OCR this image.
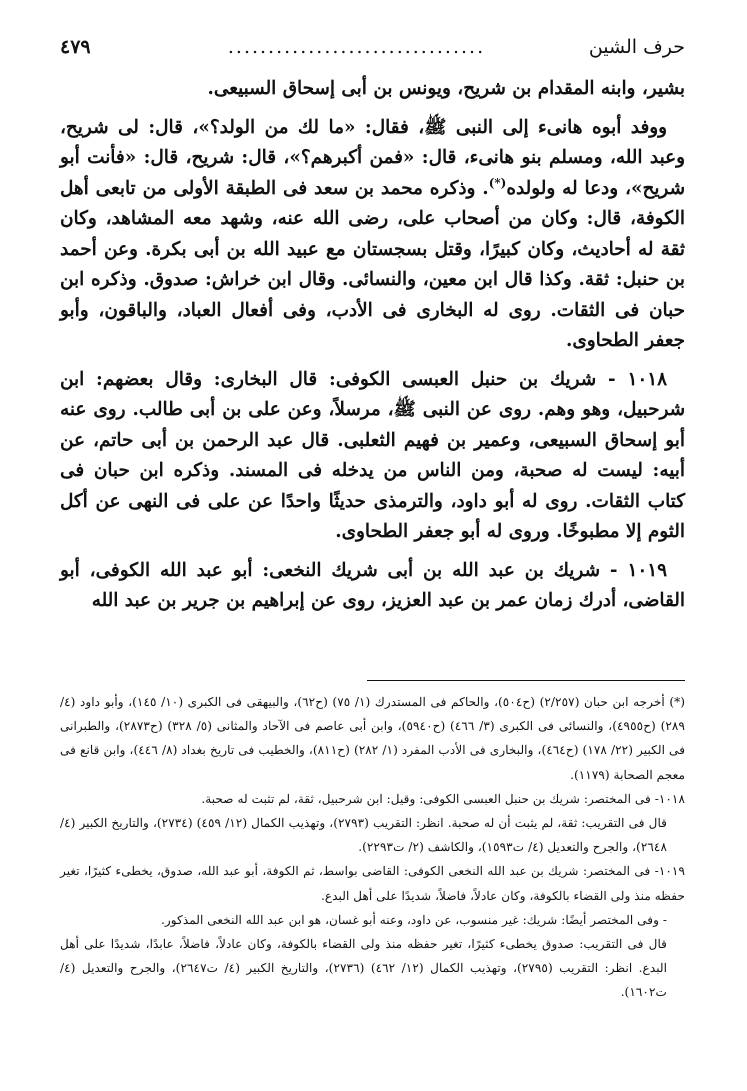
حرف الشين
................................
٤٧٩

بشير، وابنه المقدام بن شريح، ويونس بن أبى إسحاق السبيعى.

ووفد أبوه هانىء إلى النبى ﷺ، فقال: «ما لك من الولد؟»، قال: لى شريح، وعبد الله، ومسلم بنو هانىء، قال: «فمن أكبرهم؟»، قال: شريح، قال: «فأنت أبو شريح»، ودعا له ولولده(*). وذكره محمد بن سعد فى الطبقة الأولى من تابعى أهل الكوفة، قال: وكان من أصحاب على، رضى الله عنه، وشهد معه المشاهد، وكان ثقة له أحاديث، وكان كبيرًا، وقتل بسجستان مع عبيد الله بن أبى بكرة. وعن أحمد بن حنبل: ثقة. وكذا قال ابن معين، والنسائى. وقال ابن خراش: صدوق. وذكره ابن حبان فى الثقات. روى له البخارى فى الأدب، وفى أفعال العباد، والباقون، وأبو جعفر الطحاوى.

١٠١٨ - شريك بن حنبل العبسى الكوفى: قال البخارى: وقال بعضهم: ابن شرحبيل، وهو وهم. روى عن النبى ﷺ، مرسلاً، وعن على بن أبى طالب. روى عنه أبو إسحاق السبيعى، وعمير بن فهيم الثعلبى. قال عبد الرحمن بن أبى حاتم، عن أبيه: ليست له صحبة، ومن الناس من يدخله فى المسند. وذكره ابن حبان فى كتاب الثقات. روى له أبو داود، والترمذى حديثًا واحدًا عن على فى النهى عن أكل الثوم إلا مطبوخًا. وروى له أبو جعفر الطحاوى.

١٠١٩ - شريك بن عبد الله بن أبى شريك النخعى: أبو عبد الله الكوفى، أبو القاضى، أدرك زمان عمر بن عبد العزيز، روى عن إبراهيم بن جرير بن عبد الله

(*) أخرجه ابن حبان (٢/٢٥٧) (ح٥٠٤)، والحاكم فى المستدرك (١/ ٧٥) (ح٦٢)، والبيهقى فى الكبرى (١٠/ ١٤٥)، وأبو داود (٤/ ٢٨٩) (ح٤٩٥٥)، والنسائى فى الكبرى (٣/ ٤٦٦) (ح٥٩٤٠)، وابن أبى عاصم فى الآحاد والمثانى (٥/ ٣٢٨) (ح٢٨٧٣)، والطبرانى فى الكبير (٢٢/ ١٧٨) (ح٤٦٤)، والبخارى فى الأدب المفرد (١/ ٢٨٢) (ح٨١١)، والخطيب فى تاريخ بغداد (٨/ ٤٤٦)، وابن قانع فى معجم الصحابة (١١٧٩).

١٠١٨- فى المختصر: شريك بن حنبل العبسى الكوفى: وقيل: ابن شرحبيل، ثقة، لم تثبت له صحبة.

قال فى التقريب: ثقة، لم يثبت أن له صحبة. انظر: التقريب (٢٧٩٣)، وتهذيب الكمال (١٢/ ٤٥٩) (٢٧٣٤)، والتاريخ الكبير (٤/ ٢٦٤٨)، والجرح والتعديل (٤/ ت١٥٩٣)، والكاشف (٢/ ت٢٢٩٣).

١٠١٩- فى المختصر: شريك بن عبد الله النخعى الكوفى: القاضى بواسط، ثم الكوفة، أبو عبد الله، صدوق، يخطىء كثيرًا، تغير حفظه منذ ولى القضاء بالكوفة، وكان عادلاً، فاضلاً، شديدًا على أهل البدع.

- وفى المختصر أيضًا: شريك: غير منسوب، عن داود، وعنه أبو غسان، هو ابن عبد الله النخعى المذكور.

قال فى التقريب: صدوق يخطىء كثيرًا، تغير حفظه منذ ولى القضاء بالكوفة، وكان عادلاً، فاضلاً، عابدًا، شديدًا على أهل البدع. انظر: التقريب (٢٧٩٥)، وتهذيب الكمال (١٢/ ٤٦٢) (٢٧٣٦)، والتاريخ الكبير (٤/ ت٢٦٤٧)، والجرح والتعديل (٤/ ت١٦٠٢).
